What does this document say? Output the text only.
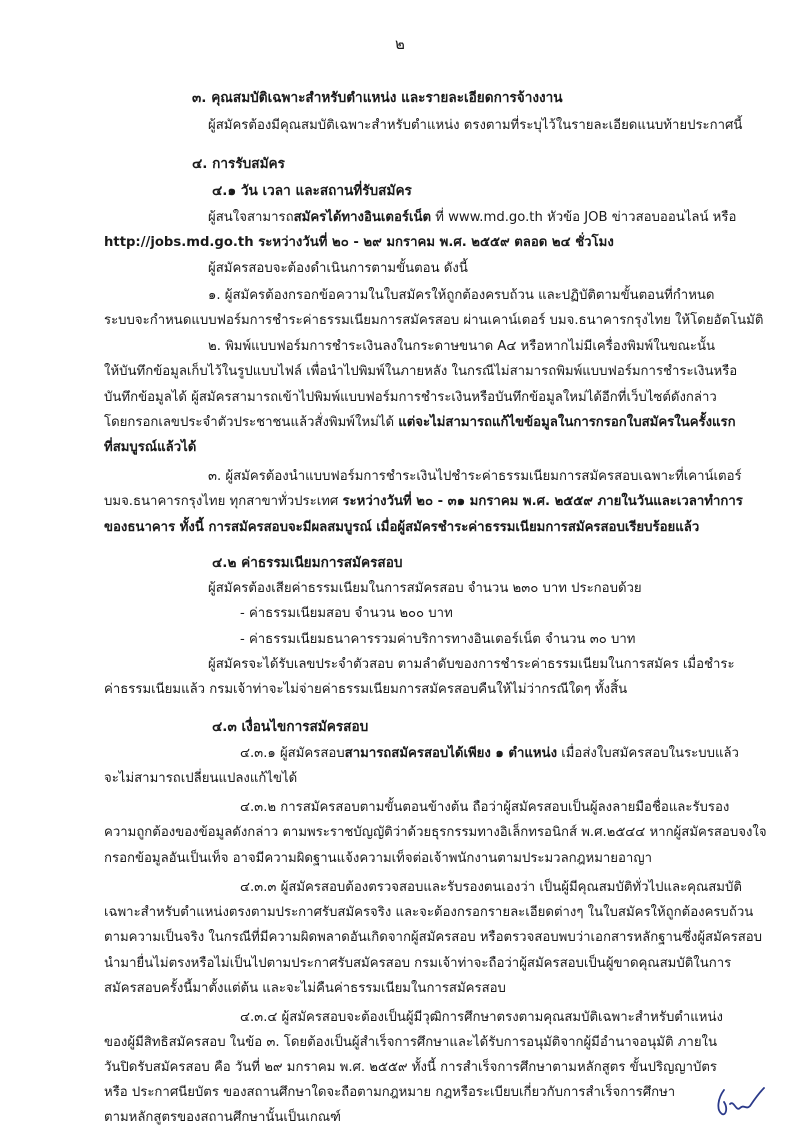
๒
๓. คุณสมบัติเฉพาะสำหรับตำแหน่ง และรายละเอียดการจ้างงาน
ผู้สมัครต้องมีคุณสมบัติเฉพาะสำหรับตำแหน่ง ตรงตามที่ระบุไว้ในรายละเอียดแนบท้ายประกาศนี้
๔. การรับสมัคร
๔.๑ วัน เวลา และสถานที่รับสมัคร
ผู้สนใจสามารถสมัครได้ทางอินเตอร์เน็ต ที่ www.md.go.th หัวข้อ JOB ข่าวสอบออนไลน์ หรือ
http://jobs.md.go.th ระหว่างวันที่ ๒๐ - ๒๙ มกราคม พ.ศ. ๒๕๕๙ ตลอด ๒๔ ชั่วโมง
ผู้สมัครสอบจะต้องดำเนินการตามขั้นตอน ดังนี้
๑. ผู้สมัครต้องกรอกข้อความในใบสมัครให้ถูกต้องครบถ้วน และปฏิบัติตามขั้นตอนที่กำหนด
ระบบจะกำหนดแบบฟอร์มการชำระค่าธรรมเนียมการสมัครสอบ ผ่านเคาน์เตอร์ บมจ.ธนาคารกรุงไทย ให้โดยอัตโนมัติ
๒. พิมพ์แบบฟอร์มการชำระเงินลงในกระดาษขนาด A๔ หรือหากไม่มีเครื่องพิมพ์ในขณะนั้น
ให้บันทึกข้อมูลเก็บไว้ในรูปแบบไฟล์ เพื่อนำไปพิมพ์ในภายหลัง ในกรณีไม่สามารถพิมพ์แบบฟอร์มการชำระเงินหรือ
บันทึกข้อมูลได้ ผู้สมัครสามารถเข้าไปพิมพ์แบบฟอร์มการชำระเงินหรือบันทึกข้อมูลใหม่ได้อีกที่เว็บไซต์ดังกล่าว
โดยกรอกเลขประจำตัวประชาชนแล้วสั่งพิมพ์ใหม่ได้ แต่จะไม่สามารถแก้ไขข้อมูลในการกรอกใบสมัครในครั้งแรก
ที่สมบูรณ์แล้วได้
๓. ผู้สมัครต้องนำแบบฟอร์มการชำระเงินไปชำระค่าธรรมเนียมการสมัครสอบเฉพาะที่เคาน์เตอร์
บมจ.ธนาคารกรุงไทย ทุกสาขาทั่วประเทศ ระหว่างวันที่ ๒๐ - ๓๑ มกราคม พ.ศ. ๒๕๕๙ ภายในวันและเวลาทำการ
ของธนาคาร ทั้งนี้ การสมัครสอบจะมีผลสมบูรณ์ เมื่อผู้สมัครชำระค่าธรรมเนียมการสมัครสอบเรียบร้อยแล้ว
๔.๒ ค่าธรรมเนียมการสมัครสอบ
ผู้สมัครต้องเสียค่าธรรมเนียมในการสมัครสอบ จำนวน ๒๓๐ บาท ประกอบด้วย
- ค่าธรรมเนียมสอบ จำนวน ๒๐๐ บาท
- ค่าธรรมเนียมธนาคารรวมค่าบริการทางอินเตอร์เน็ต จำนวน ๓๐ บาท
ผู้สมัครจะได้รับเลขประจำตัวสอบ ตามลำดับของการชำระค่าธรรมเนียมในการสมัคร เมื่อชำระ
ค่าธรรมเนียมแล้ว กรมเจ้าท่าจะไม่จ่ายค่าธรรมเนียมการสมัครสอบคืนให้ไม่ว่ากรณีใดๆ ทั้งสิ้น
๔.๓ เงื่อนไขการสมัครสอบ
๔.๓.๑ ผู้สมัครสอบสามารถสมัครสอบได้เพียง ๑ ตำแหน่ง เมื่อส่งใบสมัครสอบในระบบแล้ว
จะไม่สามารถเปลี่ยนแปลงแก้ไขได้
๔.๓.๒ การสมัครสอบตามขั้นตอนข้างต้น ถือว่าผู้สมัครสอบเป็นผู้ลงลายมือชื่อและรับรอง
ความถูกต้องของข้อมูลดังกล่าว ตามพระราชบัญญัติว่าด้วยธุรกรรมทางอิเล็กทรอนิกส์ พ.ศ.๒๕๔๔ หากผู้สมัครสอบจงใจ
กรอกข้อมูลอันเป็นเท็จ อาจมีความผิดฐานแจ้งความเท็จต่อเจ้าพนักงานตามประมวลกฎหมายอาญา
๔.๓.๓ ผู้สมัครสอบต้องตรวจสอบและรับรองตนเองว่า เป็นผู้มีคุณสมบัติทั่วไปและคุณสมบัติ
เฉพาะสำหรับตำแหน่งตรงตามประกาศรับสมัครจริง และจะต้องกรอกรายละเอียดต่างๆ ในใบสมัครให้ถูกต้องครบถ้วน
ตามความเป็นจริง ในกรณีที่มีความผิดพลาดอันเกิดจากผู้สมัครสอบ หรือตรวจสอบพบว่าเอกสารหลักฐานซึ่งผู้สมัครสอบ
นำมายื่นไม่ตรงหรือไม่เป็นไปตามประกาศรับสมัครสอบ กรมเจ้าท่าจะถือว่าผู้สมัครสอบเป็นผู้ขาดคุณสมบัติในการ
สมัครสอบครั้งนี้มาตั้งแต่ต้น และจะไม่คืนค่าธรรมเนียมในการสมัครสอบ
๔.๓.๔ ผู้สมัครสอบจะต้องเป็นผู้มีวุฒิการศึกษาตรงตามคุณสมบัติเฉพาะสำหรับตำแหน่ง
ของผู้มีสิทธิสมัครสอบ ในข้อ ๓. โดยต้องเป็นผู้สำเร็จการศึกษาและได้รับการอนุมัติจากผู้มีอำนาจอนุมัติ ภายใน
วันปิดรับสมัครสอบ คือ วันที่ ๒๙ มกราคม พ.ศ. ๒๕๕๙ ทั้งนี้ การสำเร็จการศึกษาตามหลักสูตร ขั้นปริญญาบัตร
หรือ ประกาศนียบัตร ของสถานศึกษาใดจะถือตามกฎหมาย กฎหรือระเบียบเกี่ยวกับการสำเร็จการศึกษา
ตามหลักสูตรของสถานศึกษานั้นเป็นเกณฑ์
